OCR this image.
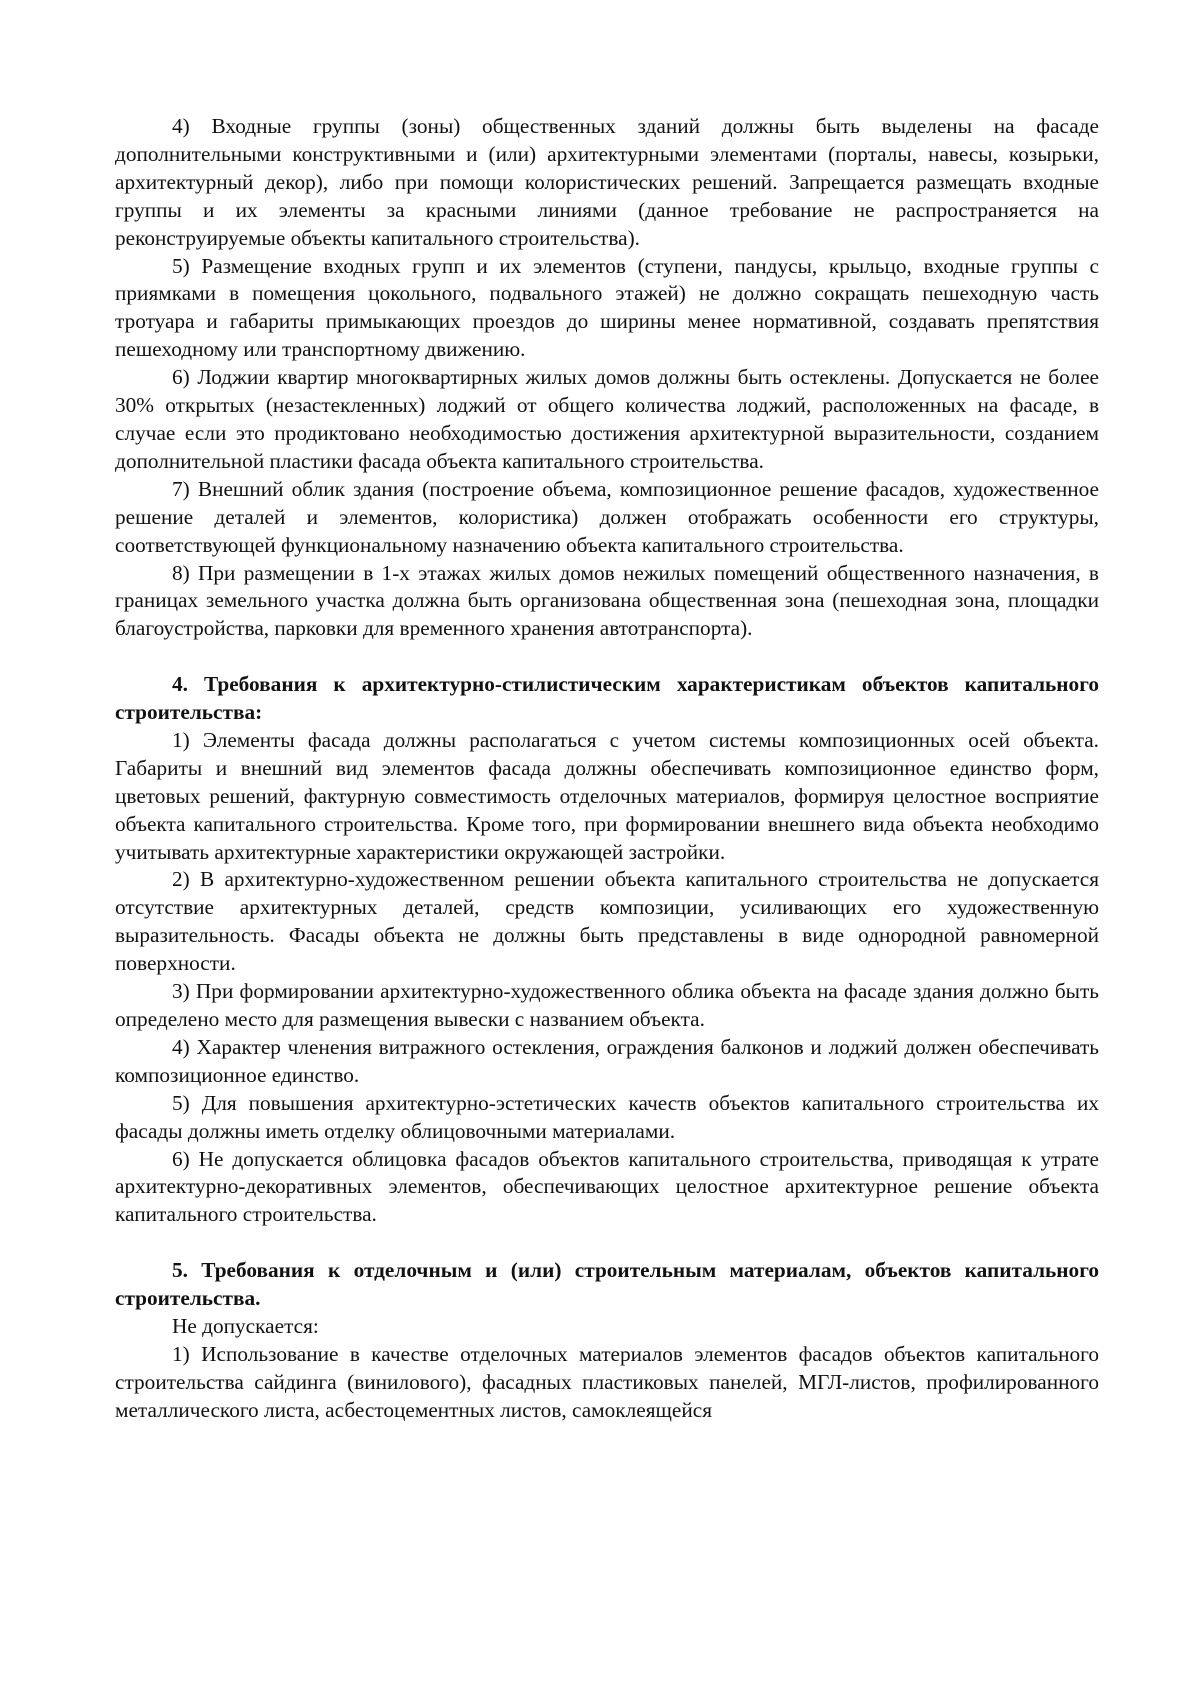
4) Входные группы (зоны) общественных зданий должны быть выделены на фасаде дополнительными конструктивными и (или) архитектурными элементами (порталы, навесы, козырьки, архитектурный декор), либо при помощи колористических решений. Запрещается размещать входные группы и их элементы за красными линиями (данное требование не распространяется на реконструируемые объекты капитального строительства).

5) Размещение входных групп и их элементов (ступени, пандусы, крыльцо, входные группы с приямками в помещения цокольного, подвального этажей) не должно сокращать пешеходную часть тротуара и габариты примыкающих проездов до ширины менее нормативной, создавать препятствия пешеходному или транспортному движению.

6) Лоджии квартир многоквартирных жилых домов должны быть остеклены. Допускается не более 30% открытых (незастекленных) лоджий от общего количества лоджий, расположенных на фасаде, в случае если это продиктовано необходимостью достижения архитектурной выразительности, созданием дополнительной пластики фасада объекта капитального строительства.

7) Внешний облик здания (построение объема, композиционное решение фасадов, художественное решение деталей и элементов, колористика) должен отображать особенности его структуры, соответствующей функциональному назначению объекта капитального строительства.

8) При размещении в 1-х этажах жилых домов нежилых помещений общественного назначения, в границах земельного участка должна быть организована общественная зона (пешеходная зона, площадки благоустройства, парковки для временного хранения автотранспорта).

4. Требования к архитектурно-стилистическим характеристикам объектов капитального строительства:

1) Элементы фасада должны располагаться с учетом системы композиционных осей объекта. Габариты и внешний вид элементов фасада должны обеспечивать композиционное единство форм, цветовых решений, фактурную совместимость отделочных материалов, формируя целостное восприятие объекта капитального строительства. Кроме того, при формировании внешнего вида объекта необходимо учитывать архитектурные характеристики окружающей застройки.

2) В архитектурно-художественном решении объекта капитального строительства не допускается отсутствие архитектурных деталей, средств композиции, усиливающих его художественную выразительность. Фасады объекта не должны быть представлены в виде однородной равномерной поверхности.

3) При формировании архитектурно-художественного облика объекта на фасаде здания должно быть определено место для размещения вывески с названием объекта.

4) Характер членения витражного остекления, ограждения балконов и лоджий должен обеспечивать композиционное единство.

5) Для повышения архитектурно-эстетических качеств объектов капитального строительства их фасады должны иметь отделку облицовочными материалами.

6) Не допускается облицовка фасадов объектов капитального строительства, приводящая к утрате архитектурно-декоративных элементов, обеспечивающих целостное архитектурное решение объекта капитального строительства.

5. Требования к отделочным и (или) строительным материалам, объектов капитального строительства.

Не допускается:

1) Использование в качестве отделочных материалов элементов фасадов объектов капитального строительства сайдинга (винилового), фасадных пластиковых панелей, МГЛ-листов, профилированного металлического листа, асбестоцементных листов, самоклеящейся
